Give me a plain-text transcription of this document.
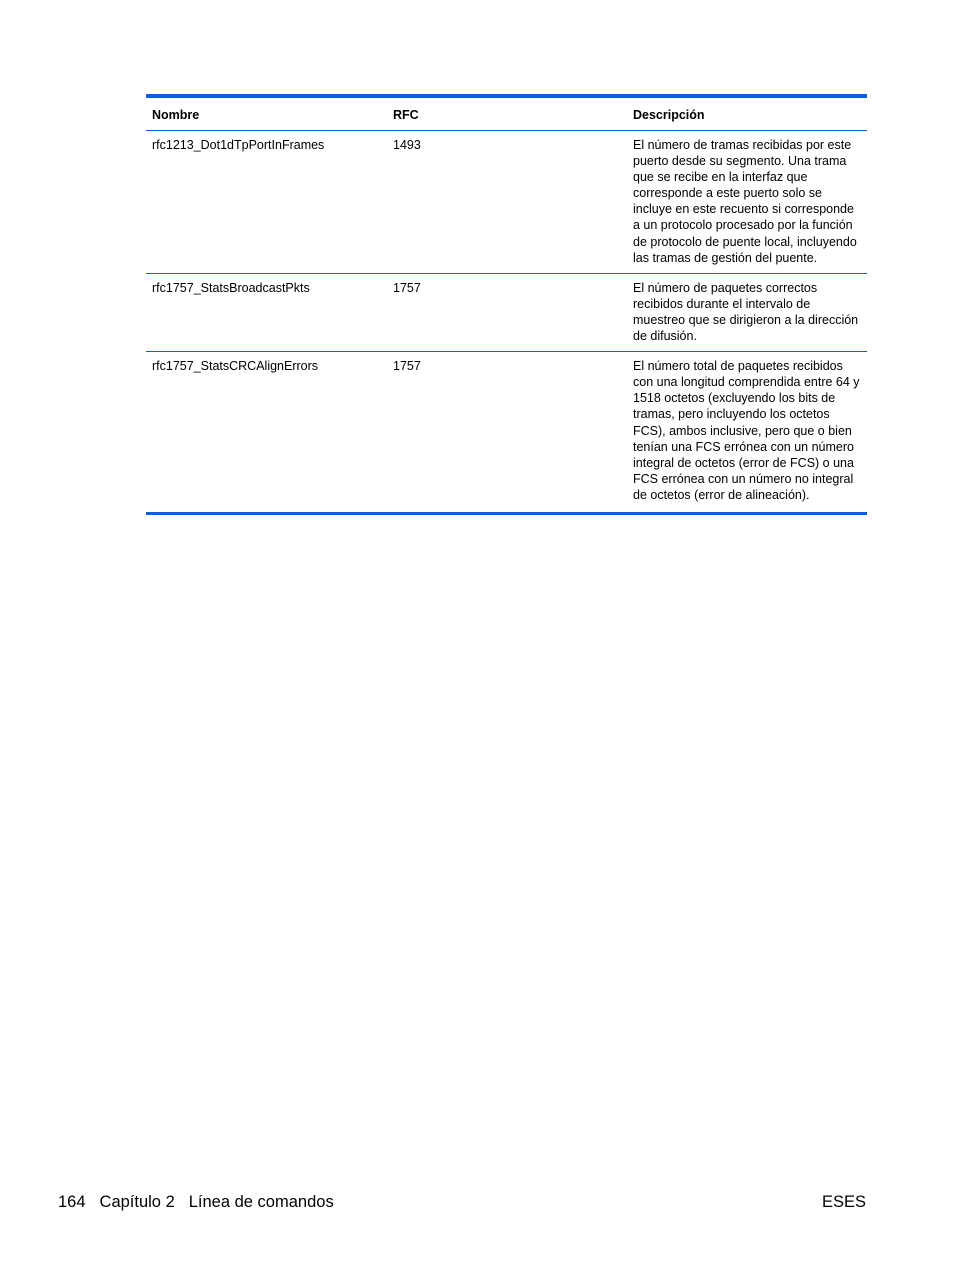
Nombre	RFC	Descripción
rfc1213_Dot1dTpPortInFrames	1493	El número de tramas recibidas por este puerto desde su segmento. Una trama que se recibe en la interfaz que corresponde a este puerto solo se incluye en este recuento si corresponde a un protocolo procesado por la función de protocolo de puente local, incluyendo las tramas de gestión del puente.
rfc1757_StatsBroadcastPkts	1757	El número de paquetes correctos recibidos durante el intervalo de muestreo que se dirigieron a la dirección de difusión.
rfc1757_StatsCRCAlignErrors	1757	El número total de paquetes recibidos con una longitud comprendida entre 64 y 1518 octetos (excluyendo los bits de tramas, pero incluyendo los octetos FCS), ambos inclusive, pero que o bien tenían una FCS errónea con un número integral de octetos (error de FCS) o una FCS errónea con un número no integral de octetos (error de alineación).
164 Capítulo 2 Línea de comandos	ESES
